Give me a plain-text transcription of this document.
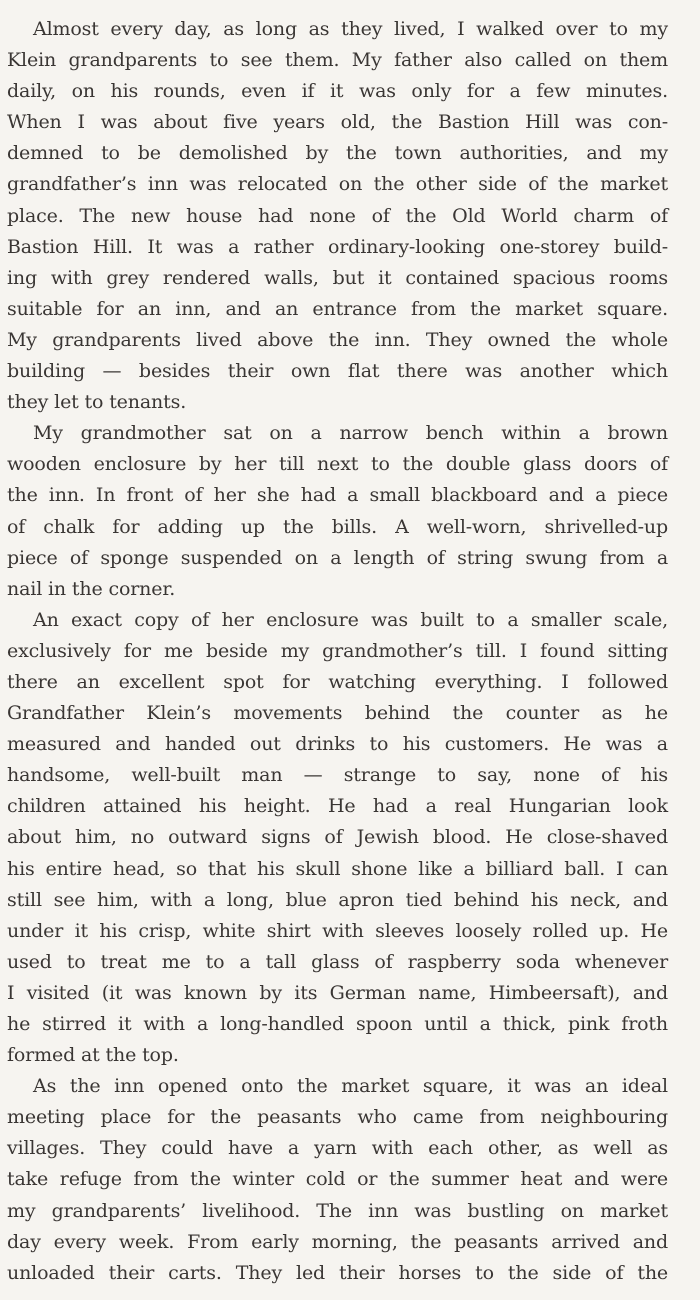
Almost every day, as long as they lived, I walked over to my
Klein grandparents to see them. My father also called on them
daily, on his rounds, even if it was only for a few minutes.
When I was about five years old, the Bastion Hill was con-
demned to be demolished by the town authorities, and my
grandfather’s inn was relocated on the other side of the market
place. The new house had none of the Old World charm of
Bastion Hill. It was a rather ordinary-looking one-storey build-
ing with grey rendered walls, but it contained spacious rooms
suitable for an inn, and an entrance from the market square.
My grandparents lived above the inn. They owned the whole
building — besides their own flat there was another which
they let to tenants.
My grandmother sat on a narrow bench within a brown
wooden enclosure by her till next to the double glass doors of
the inn. In front of her she had a small blackboard and a piece
of chalk for adding up the bills. A well-worn, shrivelled-up
piece of sponge suspended on a length of string swung from a
nail in the corner.
An exact copy of her enclosure was built to a smaller scale,
exclusively for me beside my grandmother’s till. I found sitting
there an excellent spot for watching everything. I followed
Grandfather Klein’s movements behind the counter as he
measured and handed out drinks to his customers. He was a
handsome, well-built man — strange to say, none of his
children attained his height. He had a real Hungarian look
about him, no outward signs of Jewish blood. He close-shaved
his entire head, so that his skull shone like a billiard ball. I can
still see him, with a long, blue apron tied behind his neck, and
under it his crisp, white shirt with sleeves loosely rolled up. He
used to treat me to a tall glass of raspberry soda whenever
I visited (it was known by its German name, Himbeersaft), and
he stirred it with a long-handled spoon until a thick, pink froth
formed at the top.
As the inn opened onto the market square, it was an ideal
meeting place for the peasants who came from neighbouring
villages. They could have a yarn with each other, as well as
take refuge from the winter cold or the summer heat and were
my grandparents’ livelihood. The inn was bustling on market
day every week. From early morning, the peasants arrived and
unloaded their carts. They led their horses to the side of the
